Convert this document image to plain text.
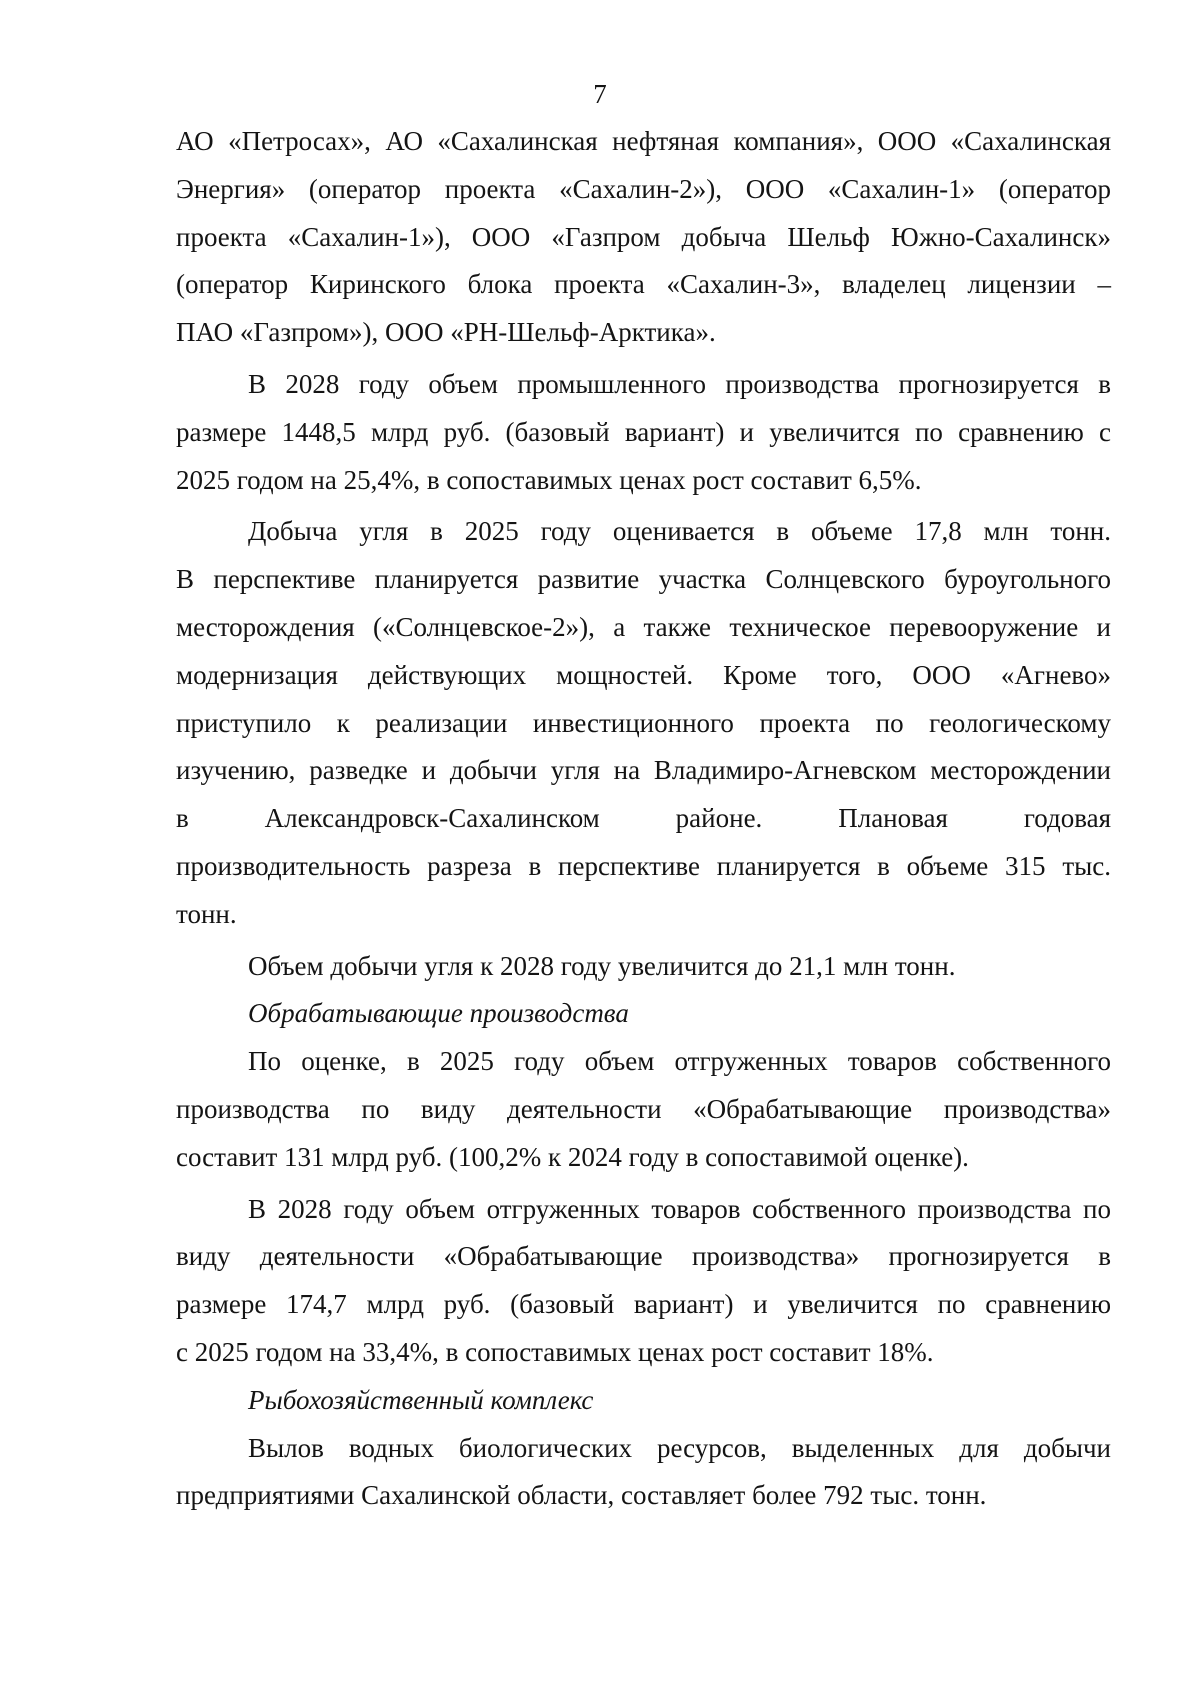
7
АО «Петросах», АО «Сахалинская нефтяная компания», ООО «Сахалинская
Энергия» (оператор проекта «Сахалин-2»), ООО «Сахалин-1» (оператор
проекта «Сахалин-1»), ООО «Газпром добыча Шельф Южно-Сахалинск»
(оператор Киринского блока проекта «Сахалин-3», владелец лицензии –
ПАО «Газпром»), ООО «РН-Шельф-Арктика».
В 2028 году объем промышленного производства прогнозируется в
размере 1448,5 млрд руб. (базовый вариант) и увеличится по сравнению с
2025 годом на 25,4%, в сопоставимых ценах рост составит 6,5%.
Добыча угля в 2025 году оценивается в объеме 17,8 млн тонн.
В перспективе планируется развитие участка Солнцевского буроугольного
месторождения («Солнцевское-2»), а также техническое перевооружение и
модернизация действующих мощностей. Кроме того, ООО «Агнево»
приступило к реализации инвестиционного проекта по геологическому
изучению, разведке и добычи угля на Владимиро-Агневском месторождении
в Александровск-Сахалинском районе. Плановая годовая
производительность разреза в перспективе планируется в объеме 315 тыс.
тонн.
Объем добычи угля к 2028 году увеличится до 21,1 млн тонн.
Обрабатывающие производства
По оценке, в 2025 году объем отгруженных товаров собственного
производства по виду деятельности «Обрабатывающие производства»
составит 131 млрд руб. (100,2% к 2024 году в сопоставимой оценке).
В 2028 году объем отгруженных товаров собственного производства по
виду деятельности «Обрабатывающие производства» прогнозируется в
размере 174,7 млрд руб. (базовый вариант) и увеличится по сравнению
с 2025 годом на 33,4%, в сопоставимых ценах рост составит 18%.
Рыбохозяйственный комплекс
Вылов водных биологических ресурсов, выделенных для добычи
предприятиями Сахалинской области, составляет более 792 тыс. тонн.
